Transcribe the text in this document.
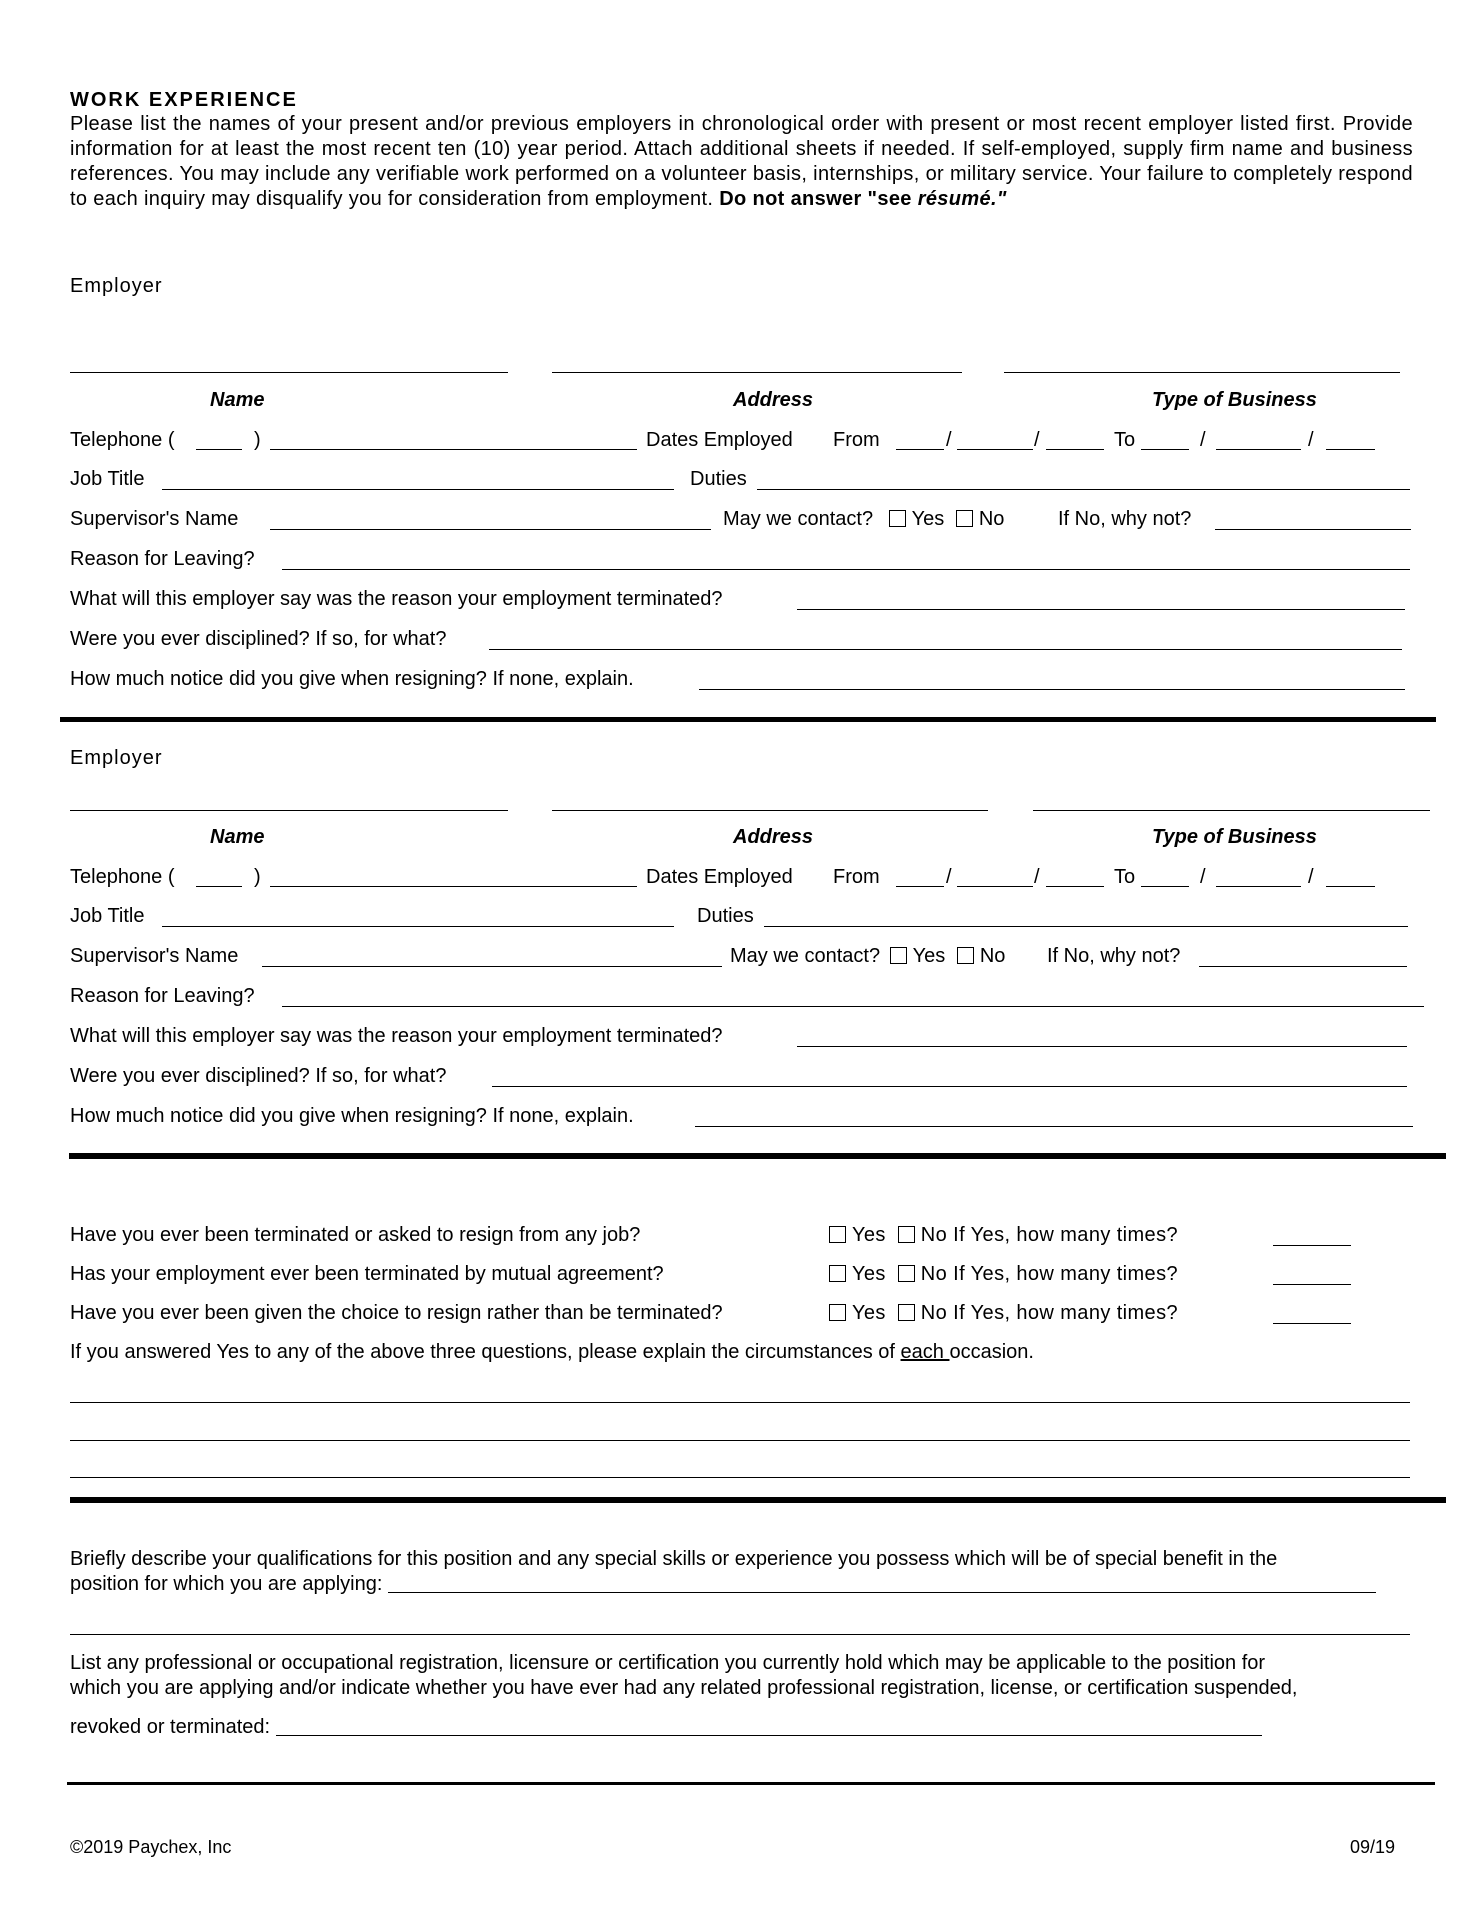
WORK EXPERIENCE
Please list the names of your present and/or previous employers in chronological order with present or most recent employer listed first. Provide information for at least the most recent ten (10) year period. Attach additional sheets if needed. If self-employed, supply firm name and business references. You may include any verifiable work performed on a volunteer basis, internships, or military service. Your failure to completely respond to each inquiry may disqualify you for consideration from employment. Do not answer "see résumé."
Employer
Name	Address	Type of Business
Telephone (	)	Dates Employed From	/	/	To	/	/
Job Title	Duties
Supervisor's Name	May we contact? Yes No	If No, why not?
Reason for Leaving?
What will this employer say was the reason your employment terminated?
Were you ever disciplined? If so, for what?
How much notice did you give when resigning? If none, explain.
Employer
Name	Address	Type of Business
Telephone (	)	Dates Employed From	/	/	To	/	/
Job Title	Duties
Supervisor's Name	May we contact? Yes No If No, why not?
Reason for Leaving?
What will this employer say was the reason your employment terminated?
Were you ever disciplined? If so, for what?
How much notice did you give when resigning? If none, explain.
Have you ever been terminated or asked to resign from any job?	Yes No If Yes, how many times?
Has your employment ever been terminated by mutual agreement?	Yes No If Yes, how many times?
Have you ever been given the choice to resign rather than be terminated?	Yes No If Yes, how many times?
If you answered Yes to any of the above three questions, please explain the circumstances of each occasion.
Briefly describe your qualifications for this position and any special skills or experience you possess which will be of special benefit in the
position for which you are applying:
List any professional or occupational registration, licensure or certification you currently hold which may be applicable to the position for
which you are applying and/or indicate whether you have ever had any related professional registration, license, or certification suspended,
revoked or terminated:
©2019 Paychex, Inc	09/19
